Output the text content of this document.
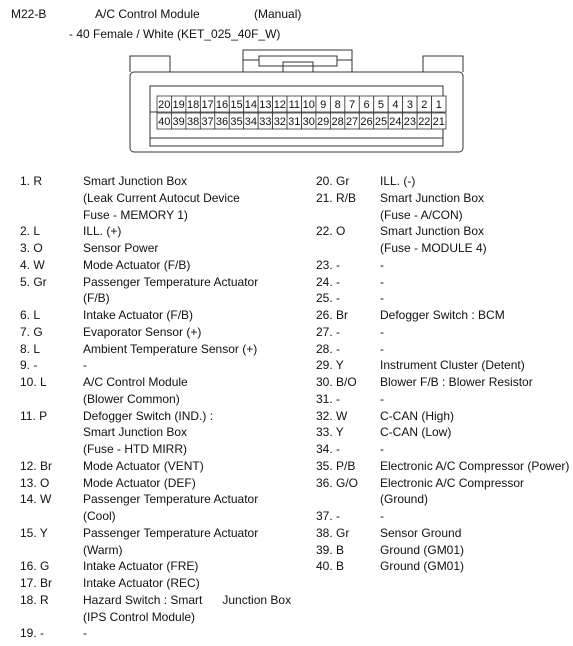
M22-B	A/C Control Module	(Manual)
- 40 Female / White (KET_025_40F_W)
20 19 18 17 16 15 14 13 12 11 10 9 8 7 6 5 4 3 2 1
40 39 38 37 36 35 34 33 32 31 30 29 28 27 26 25 24 23 22 21
1. R	Smart Junction Box
(Leak Current Autocut Device
Fuse - MEMORY 1)
2. L	ILL. (+)
3. O	Sensor Power
4. W	Mode Actuator (F/B)
5. Gr	Passenger Temperature Actuator
(F/B)
6. L	Intake Actuator (F/B)
7. G	Evaporator Sensor (+)
8. L	Ambient Temperature Sensor (+)
9. -	-
10. L	A/C Control Module
(Blower Common)
11. P	Defogger Switch (IND.) :
Smart Junction Box
(Fuse - HTD MIRR)
12. Br	Mode Actuator (VENT)
13. O	Mode Actuator (DEF)
14. W	Passenger Temperature Actuator
(Cool)
15. Y	Passenger Temperature Actuator
(Warm)
16. G	Intake Actuator (FRE)
17. Br	Intake Actuator (REC)
18. R	Hazard Switch : Smart      Junction Box
(IPS Control Module)
19. -	-
20. Gr	ILL. (-)
21. R/B Smart Junction Box
(Fuse - A/CON)
22. O	Smart Junction Box
(Fuse - MODULE 4)
23. -	-
24. -	-
25. -	-
26. Br	Defogger Switch : BCM
27. -	-
28. -	-
29. Y	Instrument Cluster (Detent)
30. B/O Blower F/B : Blower Resistor
31. -	-
32. W	C-CAN (High)
33. Y	C-CAN (Low)
34. -	-
35. P/B Electronic A/C Compressor (Power)
36. G/O Electronic A/C Compressor
(Ground)
37. -	-
38. Gr	Sensor Ground
39. B	Ground (GM01)
40. B	Ground (GM01)
